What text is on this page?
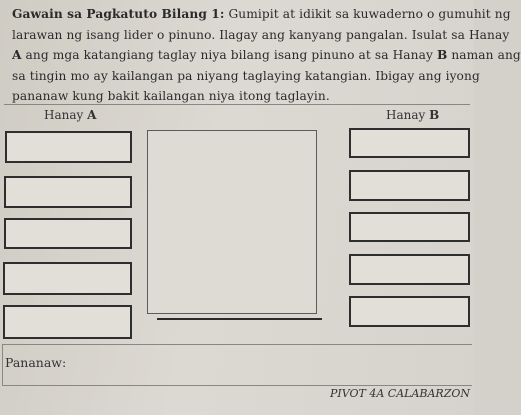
Gawain sa Pagkatuto Bilang 1: Gumipit at idikit sa kuwaderno o gumuhit ng
larawan ng isang lider o pinuno. Ilagay ang kanyang pangalan. Isulat sa Hanay
A ang mga katangiang taglay niya bilang isang pinuno at sa Hanay B naman ang
sa tingin mo ay kailangan pa niyang taglaying katangian. Ibigay ang iyong
pananaw kung bakit kailangan niya itong taglayin.
Hanay A	Hanay B
Pananaw:
PIVOT 4A CALABARZON
